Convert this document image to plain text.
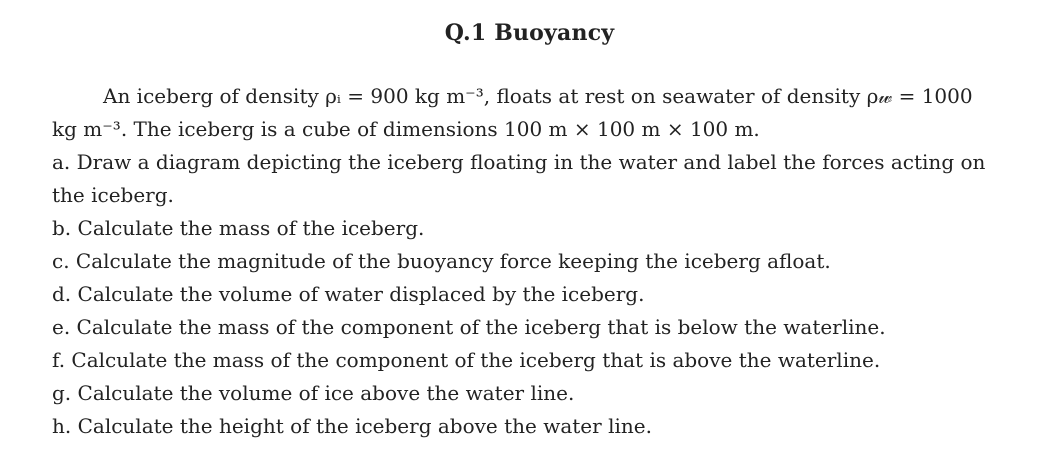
Q.1 Buoyancy
An iceberg of density ρᵢ = 900 kg m⁻³, floats at rest on seawater of density ρ𝓌 = 1000
kg m⁻³. The iceberg is a cube of dimensions 100 m × 100 m × 100 m.
a. Draw a diagram depicting the iceberg floating in the water and label the forces acting on
the iceberg.
b. Calculate the mass of the iceberg.
c. Calculate the magnitude of the buoyancy force keeping the iceberg afloat.
d. Calculate the volume of water displaced by the iceberg.
e. Calculate the mass of the component of the iceberg that is below the waterline.
f. Calculate the mass of the component of the iceberg that is above the waterline.
g. Calculate the volume of ice above the water line.
h. Calculate the height of the iceberg above the water line.
